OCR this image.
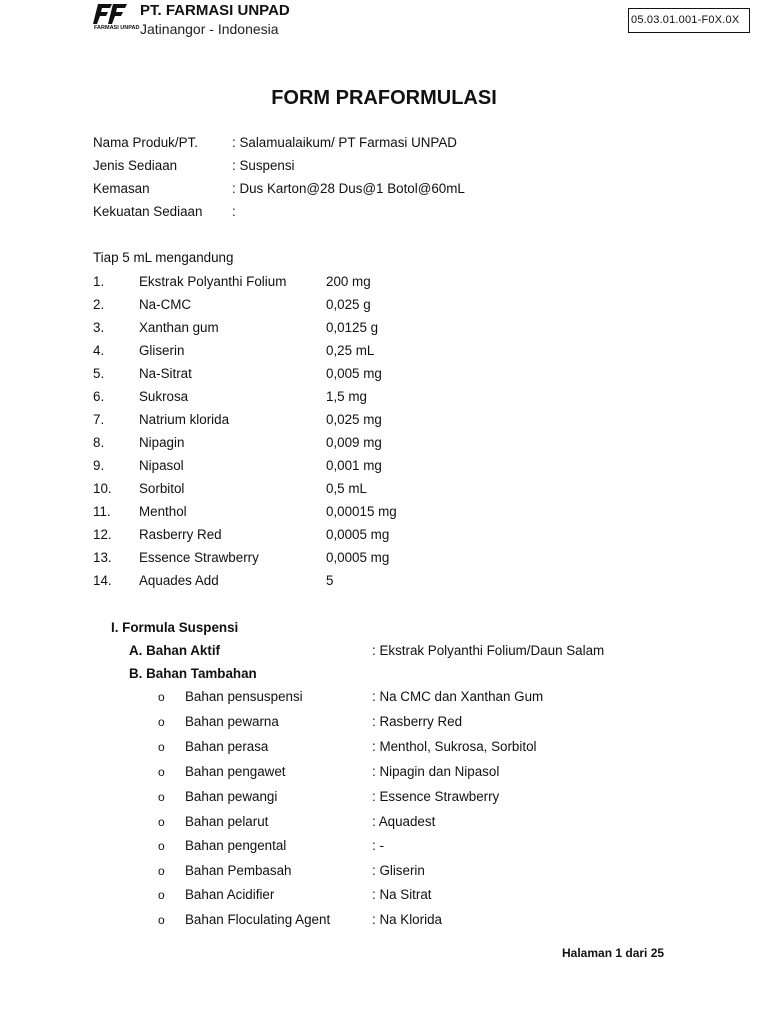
FARMASI UNPAD
PT. FARMASI UNPAD
Jatinangor - Indonesia
05.03.01.001-F0X.0X
FORM PRAFORMULASI
Nama Produk/PT.	: Salamualaikum/ PT Farmasi UNPAD
Jenis Sediaan	: Suspensi
Kemasan	: Dus Karton@28 Dus@1 Botol@60mL
Kekuatan Sediaan :
Tiap 5 mL mengandung
1.	Ekstrak Polyanthi Folium	200 mg
2.	Na-CMC	0,025 g
3.	Xanthan gum	0,0125 g
4.	Gliserin	0,25 mL
5.	Na-Sitrat	0,005 mg
6.	Sukrosa	1,5 mg
7.	Natrium klorida	0,025 mg
8.	Nipagin	0,009 mg
9.	Nipasol	0,001 mg
10. Sorbitol	0,5 mL
11. Menthol	0,00015 mg
12. Rasberry Red	0,0005 mg
13. Essence Strawberry	0,0005 mg
14. Aquades Add	5
I. Formula Suspensi
A. Bahan Aktif	: Ekstrak Polyanthi Folium/Daun Salam
B. Bahan Tambahan
o Bahan pensuspensi	: Na CMC dan Xanthan Gum
o Bahan pewarna	: Rasberry Red
o Bahan perasa	: Menthol, Sukrosa, Sorbitol
o Bahan pengawet	: Nipagin dan Nipasol
o Bahan pewangi	: Essence Strawberry
o Bahan pelarut	: Aquadest
o Bahan pengental	: -
o Bahan Pembasah	: Gliserin
o Bahan Acidifier	: Na Sitrat
o Bahan Floculating Agent	: Na Klorida
Halaman 1 dari 25
